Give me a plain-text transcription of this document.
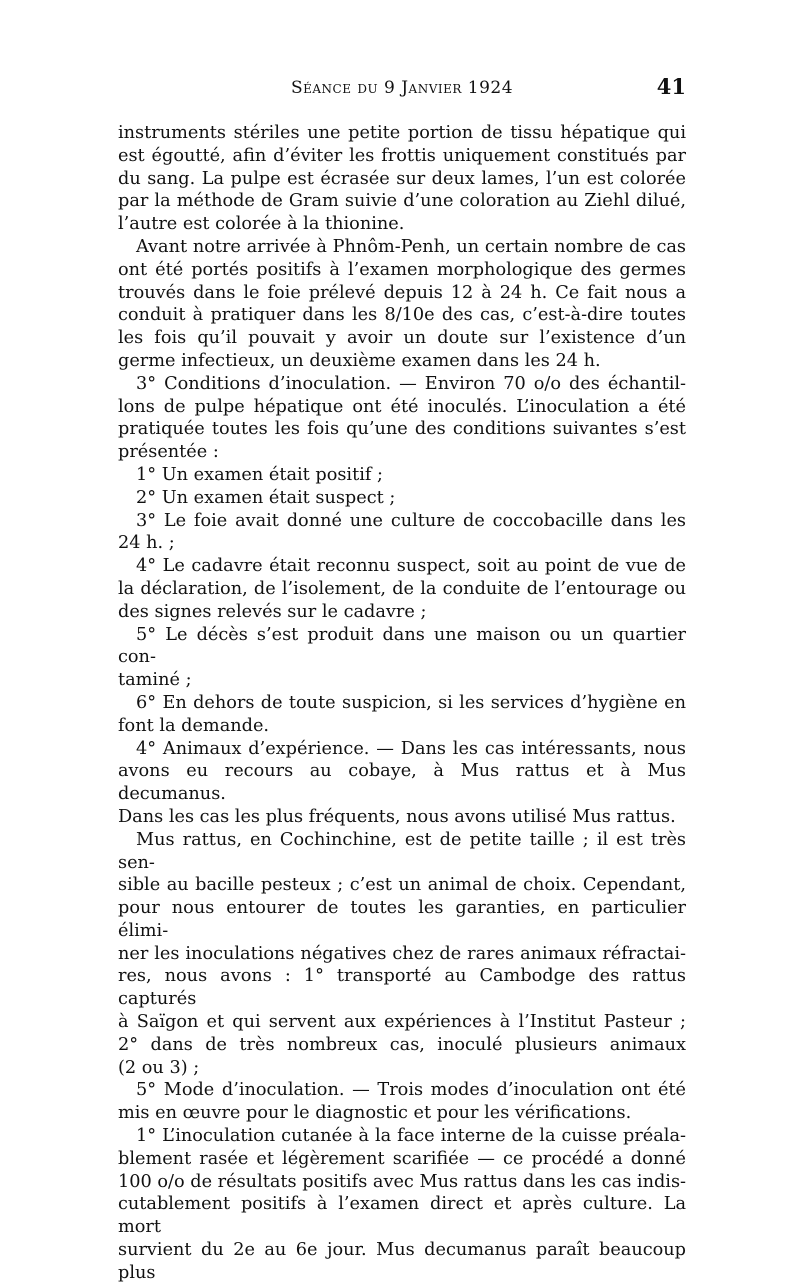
Séance du 9 Janvier 1924	41

instruments stériles une petite portion de tissu hépatique qui

est égoutté, afin d’éviter les frottis uniquement constitués par

du sang. La pulpe est écrasée sur deux lames, l’un est colorée

par la méthode de Gram suivie d’une coloration au Ziehl dilué,

l’autre est colorée à la thionine.

Avant notre arrivée à Phnôm-Penh, un certain nombre de cas

ont été portés positifs à l’examen morphologique des germes

trouvés dans le foie prélevé depuis 12 à 24 h. Ce fait nous a

conduit à pratiquer dans les 8/10e des cas, c’est-à-dire toutes

les fois qu’il pouvait y avoir un doute sur l’existence d’un

germe infectieux, un deuxième examen dans les 24 h.

3° Conditions d’inoculation. — Environ 70 o/o des échantil-

lons de pulpe hépatique ont été inoculés. L’inoculation a été

pratiquée toutes les fois qu’une des conditions suivantes s’est

présentée :

1° Un examen était positif ;

2° Un examen était suspect ;

3° Le foie avait donné une culture de coccobacille dans les

24 h. ;

4° Le cadavre était reconnu suspect, soit au point de vue de

la déclaration, de l’isolement, de la conduite de l’entourage ou

des signes relevés sur le cadavre ;

5° Le décès s’est produit dans une maison ou un quartier con-

taminé ;

6° En dehors de toute suspicion, si les services d’hygiène en

font la demande.

4° Animaux d’expérience. — Dans les cas intéressants, nous

avons eu recours au cobaye, à Mus rattus et à Mus decumanus.

Dans les cas les plus fréquents, nous avons utilisé Mus rattus.

Mus rattus, en Cochinchine, est de petite taille ; il est très sen-

sible au bacille pesteux ; c’est un animal de choix. Cependant,

pour nous entourer de toutes les garanties, en particulier élimi-

ner les inoculations négatives chez de rares animaux réfractai-

res, nous avons : 1° transporté au Cambodge des rattus capturés

à Saïgon et qui servent aux expériences à l’Institut Pasteur ;

2° dans de très nombreux cas, inoculé plusieurs animaux

(2 ou 3) ;

5° Mode d’inoculation. — Trois modes d’inoculation ont été

mis en œuvre pour le diagnostic et pour les vérifications.

1° L’inoculation cutanée à la face interne de la cuisse préala-

blement rasée et légèrement scarifiée — ce procédé a donné

100 o/o de résultats positifs avec Mus rattus dans les cas indis-

cutablement positifs à l’examen direct et après culture. La mort

survient du 2e au 6e jour. Mus decumanus paraît beaucoup plus
